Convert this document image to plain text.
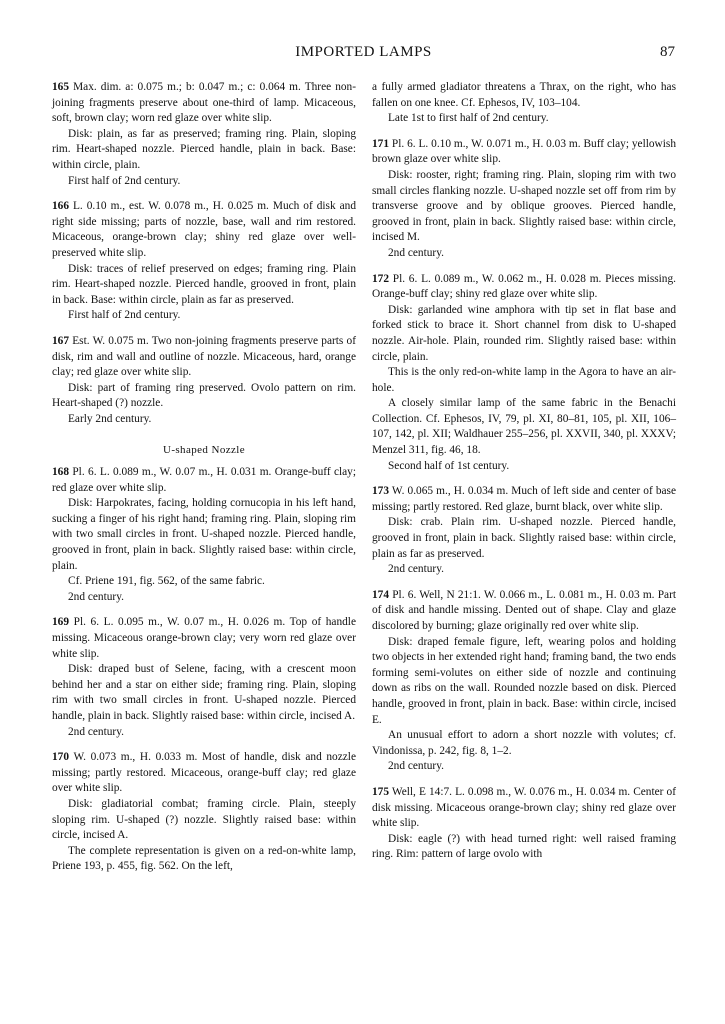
IMPORTED LAMPS	87

165 Max. dim. a: 0.075 m.; b: 0.047 m.; c: 0.064 m. Three non-joining fragments preserve about one-third of lamp. Micaceous, soft, brown clay; worn red glaze over white slip.

Disk: plain, as far as preserved; framing ring. Plain, sloping rim. Heart-shaped nozzle. Pierced handle, plain in back. Base: within circle, plain.

First half of 2nd century.

166 L. 0.10 m., est. W. 0.078 m., H. 0.025 m. Much of disk and right side missing; parts of nozzle, base, wall and rim restored. Micaceous, orange-brown clay; shiny red glaze over well-preserved white slip.

Disk: traces of relief preserved on edges; framing ring. Plain rim. Heart-shaped nozzle. Pierced handle, grooved in front, plain in back. Base: within circle, plain as far as preserved.

First half of 2nd century.

167 Est. W. 0.075 m. Two non-joining fragments preserve parts of disk, rim and wall and outline of nozzle. Micaceous, hard, orange clay; red glaze over white slip.

Disk: part of framing ring preserved. Ovolo pattern on rim. Heart-shaped (?) nozzle.

Early 2nd century.

U-shaped Nozzle

168 Pl. 6. L. 0.089 m., W. 0.07 m., H. 0.031 m. Orange-buff clay; red glaze over white slip.

Disk: Harpokrates, facing, holding cornucopia in his left hand, sucking a finger of his right hand; framing ring. Plain, sloping rim with two small circles in front. U-shaped nozzle. Pierced handle, grooved in front, plain in back. Slightly raised base: within circle, plain.

Cf. Priene 191, fig. 562, of the same fabric.

2nd century.

169 Pl. 6. L. 0.095 m., W. 0.07 m., H. 0.026 m. Top of handle missing. Micaceous orange-brown clay; very worn red glaze over white slip.

Disk: draped bust of Selene, facing, with a crescent moon behind her and a star on either side; framing ring. Plain, sloping rim with two small circles in front. U-shaped nozzle. Pierced handle, plain in back. Slightly raised base: within circle, incised A.

2nd century.

170 W. 0.073 m., H. 0.033 m. Most of handle, disk and nozzle missing; partly restored. Micaceous, orange-buff clay; red glaze over white slip.

Disk: gladiatorial combat; framing circle. Plain, steeply sloping rim. U-shaped (?) nozzle. Slightly raised base: within circle, incised A.

The complete representation is given on a red-on-white lamp, Priene 193, p. 455, fig. 562. On the left,

a fully armed gladiator threatens a Thrax, on the right, who has fallen on one knee. Cf. Ephesos, IV, 103–104.

Late 1st to first half of 2nd century.

171 Pl. 6. L. 0.10 m., W. 0.071 m., H. 0.03 m. Buff clay; yellowish brown glaze over white slip.

Disk: rooster, right; framing ring. Plain, sloping rim with two small circles flanking nozzle. U-shaped nozzle set off from rim by transverse groove and by oblique grooves. Pierced handle, grooved in front, plain in back. Slightly raised base: within circle, incised M.

2nd century.

172 Pl. 6. L. 0.089 m., W. 0.062 m., H. 0.028 m. Pieces missing. Orange-buff clay; shiny red glaze over white slip.

Disk: garlanded wine amphora with tip set in flat base and forked stick to brace it. Short channel from disk to U-shaped nozzle. Air-hole. Plain, rounded rim. Slightly raised base: within circle, plain.

This is the only red-on-white lamp in the Agora to have an air-hole.

A closely similar lamp of the same fabric in the Benachi Collection. Cf. Ephesos, IV, 79, pl. XI, 80–81, 105, pl. XII, 106–107, 142, pl. XII; Waldhauer 255–256, pl. XXVII, 340, pl. XXXV; Menzel 311, fig. 46, 18.

Second half of 1st century.

173 W. 0.065 m., H. 0.034 m. Much of left side and center of base missing; partly restored. Red glaze, burnt black, over white slip.

Disk: crab. Plain rim. U-shaped nozzle. Pierced handle, grooved in front, plain in back. Slightly raised base: within circle, plain as far as preserved.

2nd century.

174 Pl. 6. Well, N 21:1. W. 0.066 m., L. 0.081 m., H. 0.03 m. Part of disk and handle missing. Dented out of shape. Clay and glaze discolored by burning; glaze originally red over white slip.

Disk: draped female figure, left, wearing polos and holding two objects in her extended right hand; framing band, the two ends forming semi-volutes on either side of nozzle and continuing down as ribs on the wall. Rounded nozzle based on disk. Pierced handle, grooved in front, plain in back. Base: within circle, incised E.

An unusual effort to adorn a short nozzle with volutes; cf. Vindonissa, p. 242, fig. 8, 1–2.

2nd century.

175 Well, E 14:7. L. 0.098 m., W. 0.076 m., H. 0.034 m. Center of disk missing. Micaceous orange-brown clay; shiny red glaze over white slip.

Disk: eagle (?) with head turned right: well raised framing ring. Rim: pattern of large ovolo with
